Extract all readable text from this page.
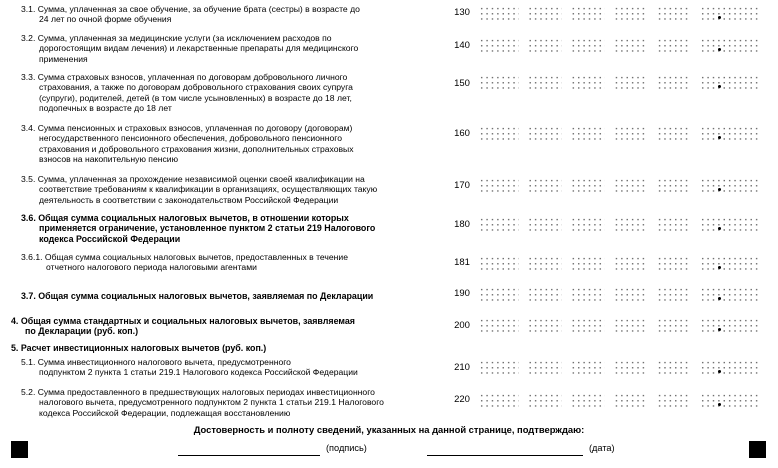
3.1. Сумма, уплаченная за свое обучение, за обучение брата (сестры) в возрасте до
24 лет по очной форме обучения
130
3.2. Сумма, уплаченная за медицинские услуги (за исключением расходов по
дорогостоящим видам лечения) и лекарственные препараты для медицинского
применения
140
3.3. Сумма страховых взносов, уплаченная по договорам добровольного личного
страхования, а также по договорам добровольного страхования своих супруга
(супруги), родителей, детей (в том числе усыновленных) в возрасте до 18 лет,
подопечных в возрасте до 18 лет
150
3.4. Сумма пенсионных и страховых взносов, уплаченная по договору (договорам)
негосударственного пенсионного обеспечения, добровольного пенсионного
страхования и добровольного страхования жизни, дополнительных страховых
взносов на накопительную пенсию
160
3.5. Сумма, уплаченная за прохождение независимой оценки своей квалификации на
соответствие требованиям к квалификации в организациях, осуществляющих такую
деятельность в соответствии с законодательством Российской Федерации
170
3.6. Общая сумма социальных налоговых вычетов, в отношении которых
применяется ограничение, установленное пунктом 2 статьи 219 Налогового
кодекса Российской Федерации
180
3.6.1. Общая сумма социальных налоговых вычетов, предоставленных в течение
отчетного налогового периода налоговыми агентами	181
3.7. Общая сумма социальных налоговых вычетов, заявляемая по Декларации	190
4. Общая сумма стандартных и социальных налоговых вычетов, заявляемая
по Декларации (руб. коп.)
200
5. Расчет инвестиционных налоговых вычетов (руб. коп.)
5.1. Сумма инвестиционного налогового вычета, предусмотренного
подпунктом 2 пункта 1 статьи 219.1 Налогового кодекса Российской Федерации	210
5.2. Сумма предоставленного в предшествующих налоговых периодах инвестиционного
налогового вычета, предусмотренного подпунктом 2 пункта 1 статьи 219.1 Налогового
кодекса Российской Федерации, подлежащая восстановлению
220
Достоверность и полноту сведений, указанных на данной странице, подтверждаю:
(подпись)	(дата)
